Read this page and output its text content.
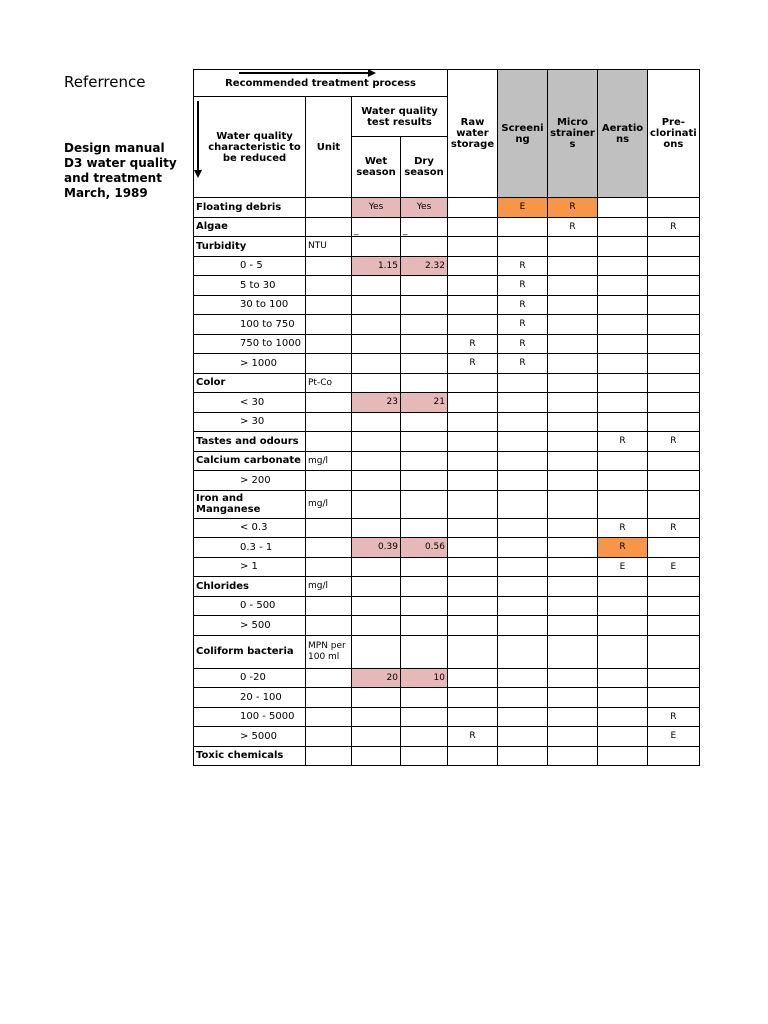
Referrence
Design manual D3 water quality and treatment March, 1989
Recommended treatment process				Raw water storage	Screeni ng	Micro strainer s	Aeratio ns	Pre-clorinati ons

Water quality characteristic to be reduced	Unit	Water quality test results						
		Wet season	Dry season					
Floating debris		Yes	Yes		E	R		
Algae		_	_			R		R
Turbidity	NTU							
0 - 5		1.15	2.32		R			
5 to 30					R			
30 to 100					R			
100 to 750					R			
750 to 1000				R	R			
> 1000				R	R			
Color	Pt-Co							
< 30		23	21					
> 30								
Tastes and odours							R	R
Calcium carbonate	mg/l							
> 200								
Iron and Manganese	mg/l							
< 0.3							R	R
0.3 - 1		0.39	0.56				R	
> 1							E	E
Chlorides	mg/l							
0 - 500								
> 500								
Coliform bacteria	MPN per 100 ml							
0 -20		20	10					
20 - 100								
100 - 5000								R
> 5000				R				E
Toxic chemicals								
